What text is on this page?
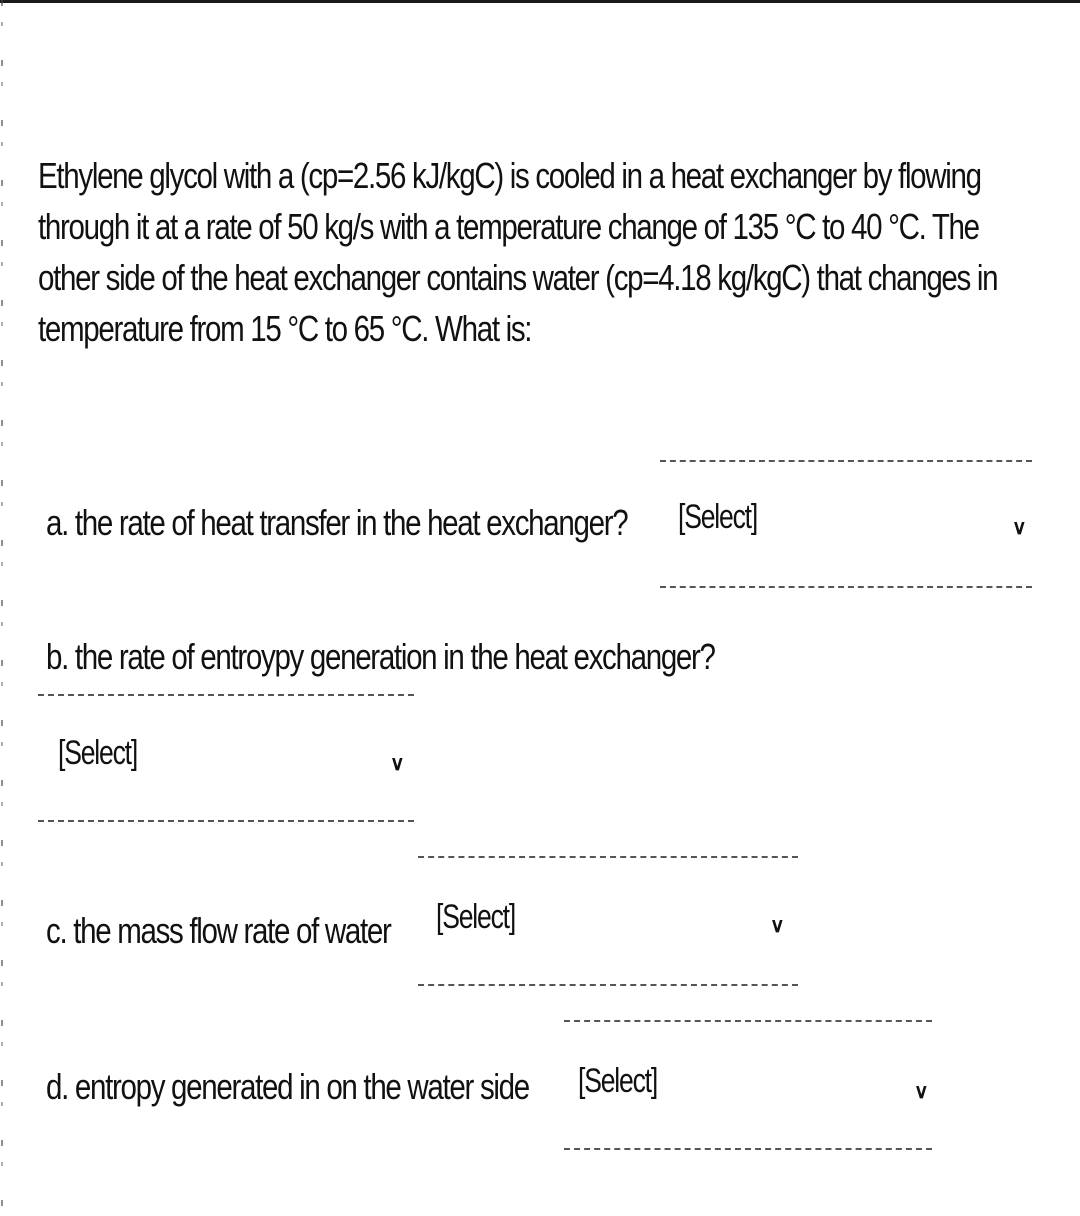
Ethylene glycol with a (cp=2.56 kJ/kgC) is cooled in a heat exchanger by flowing
through it at a rate of 50 kg/s with a temperature change of 135 °C to 40 °C. The
other side of the heat exchanger contains water (cp=4.18 kg/kgC) that changes in
temperature from 15 °C to 65 °C. What is:
a. the rate of heat transfer in the heat exchanger? [Select]	∨
b. the rate of entroypy generation in the heat exchanger?
[Select]	∨
c. the mass flow rate of water [Select]	∨
d. entropy generated in on the water side [Select]	∨
